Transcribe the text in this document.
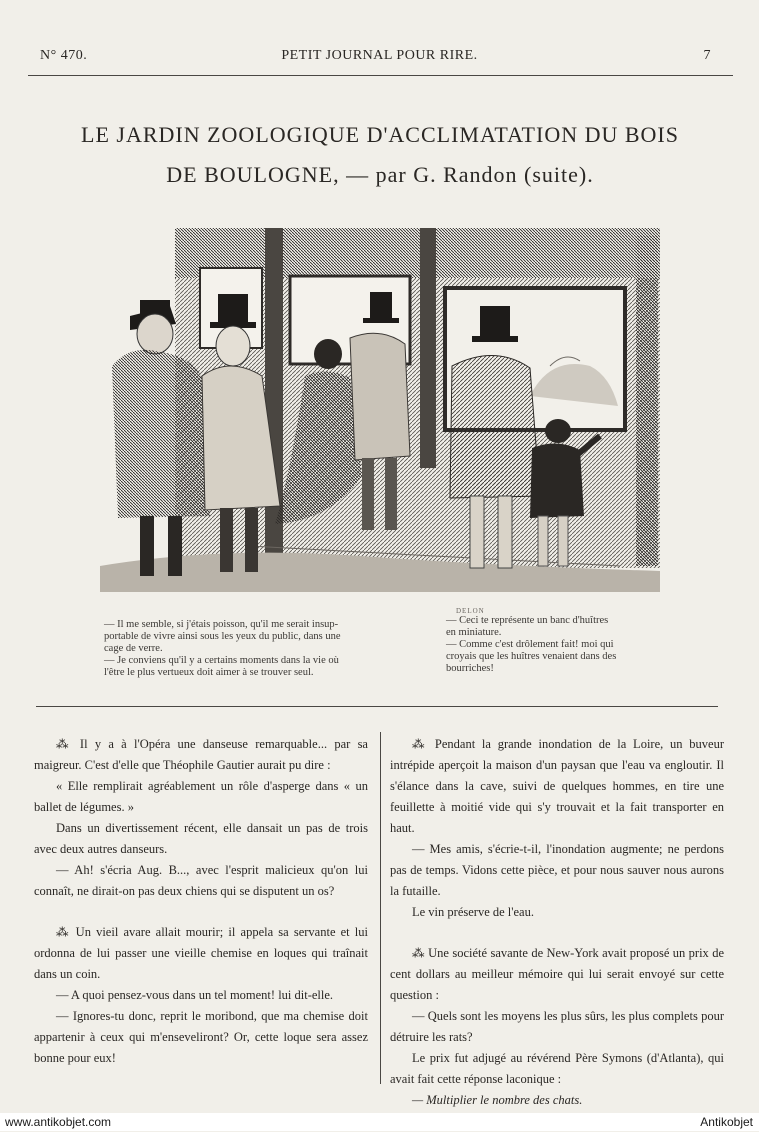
N° 470.	PETIT JOURNAL POUR RIRE.	7
LE JARDIN ZOOLOGIQUE D'ACCLIMATATION DU BOIS
DE BOULOGNE, — par G. Randon (suite).
DELON
— Il me semble, si j'étais poisson, qu'il me serait insup-
portable de vivre ainsi sous les yeux du public, dans une
cage de verre.
— Je conviens qu'il y a certains moments dans la vie où
l'être le plus vertueux doit aimer à se trouver seul.
— Ceci te représente un banc d'huîtres
en miniature.
— Comme c'est drôlement fait! moi qui
croyais que les huîtres venaient dans des
bourriches!

⁂ Il y a à l'Opéra une danseuse remarquable... par sa maigreur. C'est d'elle que Théophile Gautier aurait pu dire :

« Elle remplirait agréablement un rôle d'asperge dans « un ballet de légumes. »

Dans un divertissement récent, elle dansait un pas de trois avec deux autres danseurs.

— Ah! s'écria Aug. B..., avec l'esprit malicieux qu'on lui connaît, ne dirait-on pas deux chiens qui se disputent un os?

⁂ Un vieil avare allait mourir; il appela sa servante et lui ordonna de lui passer une vieille chemise en loques qui traînait dans un coin.

— A quoi pensez-vous dans un tel moment! lui dit-elle.

— Ignores-tu donc, reprit le moribond, que ma chemise doit appartenir à ceux qui m'enseveliront? Or, cette loque sera assez bonne pour eux!

⁂ Pendant la grande inondation de la Loire, un buveur intrépide aperçoit la maison d'un paysan que l'eau va engloutir. Il s'élance dans la cave, suivi de quelques hommes, en tire une feuillette à moitié vide qui s'y trouvait et la fait transporter en haut.

— Mes amis, s'écrie-t-il, l'inondation augmente; ne perdons pas de temps. Vidons cette pièce, et pour nous sauver nous aurons la futaille.

Le vin préserve de l'eau.

⁂ Une société savante de New-York avait proposé un prix de cent dollars au meilleur mémoire qui lui serait envoyé sur cette question :

— Quels sont les moyens les plus sûrs, les plus complets pour détruire les rats?

Le prix fut adjugé au révérend Père Symons (d'Atlanta), qui avait fait cette réponse laconique :

— Multiplier le nombre des chats.

www.antikobjet.com	Antikobjet
